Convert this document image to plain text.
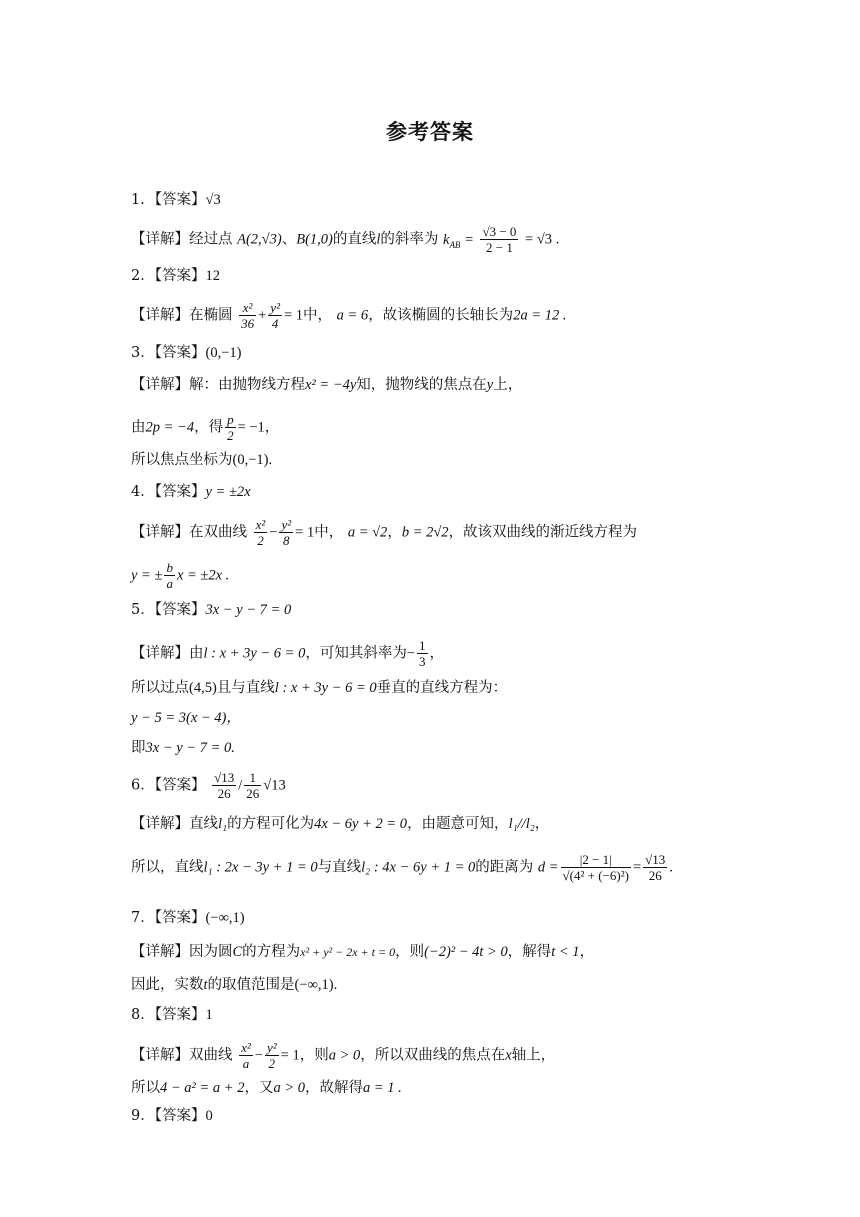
参考答案
1．【答案】√3
【详解】经过点 A(2,√3)、B(1,0)的直线l的斜率为 $k_{AB} = \frac{√3 - 0}{2 - 1} = √3$ .
2．【答案】12
【详解】在椭圆 $\frac{\text{x²}}{36} + \frac{\text{y²}}{4} = 1$中， a = 6，故该椭圆的长轴长为2a = 12 .
3．【答案】(0,−1)
【详解】解：由抛物线方程x² = −4y知，抛物线的焦点在y上，
由2p = −4，得 $\frac{p}{2} = -1$，
所以焦点坐标为(0,−1).
4．【答案】y = ±2x
【详解】在双曲线 $\frac{\text{x²}}{2} - \frac{\text{y²}}{8} = 1$中， a = √2，b = 2√2，故该双曲线的渐近线方程为
y = ± $\frac{b}{a}$ x = ±2x .
5．【答案】3x − y − 7 = 0
【详解】由l : x + 3y − 6 = 0，可知其斜率为− $\frac{1}{3}$ ，
所以过点(4,5)且与直线l : x + 3y − 6 = 0垂直的直线方程为：
y − 5 = 3(x − 4)，
即3x − y − 7 = 0.
6．【答案】 $\frac{√13}{26} / \frac{1}{26} √13$
【详解】直线l₁的方程可化为4x − 6y + 2 = 0，由题意可知，l₁//l₂，
所以，直线l₁ : 2x − 3y + 1 = 0与直线l₂ : 4x − 6y + 1 = 0的距离为 $d = \frac{|2 - 1|}{\text{√(4² + (−6)²)}} = \frac{√13}{26}$ .
7．【答案】(−∞,1)
【详解】因为圆C的方程为x² + y² − 2x + t = 0，则(−2)² − 4t > 0，解得t < 1，
因此，实数t的取值范围是(−∞,1).
8．【答案】1
【详解】双曲线 $\frac{\text{x²}}{a} - \frac{\text{y²}}{2} = 1$，则a > 0，所以双曲线的焦点在x轴上，
所以4 − a² = a + 2，又a > 0，故解得a = 1 .
9．【答案】0
